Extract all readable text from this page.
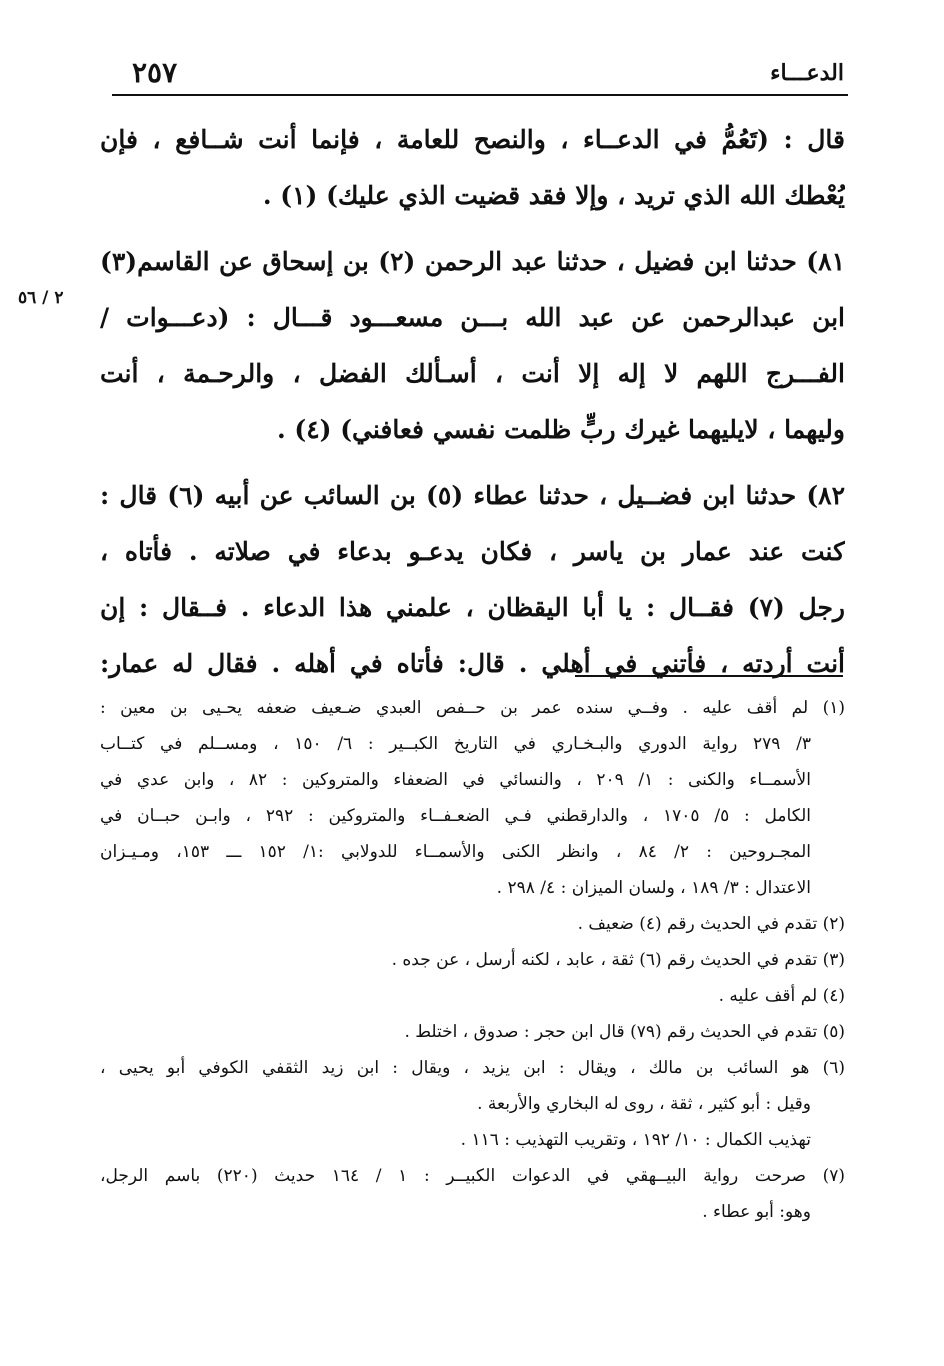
٢٥٧	الدعـــاء
٢ / ٥٦
قال : (تَعُمُّ في الدعــاء ، والنصح للعامة ، فإنما أنت شــافع ، فإن
يُعْطك الله الذي تريد ، وإلا فقد قضيت الذي عليك) (١) .
٨١) حدثنا ابن فضيل ، حدثنا عبد الرحمن (٢) بن إسحاق عن القاسم(٣)
ابن عبدالرحمن عن عبد الله بـــن مسعـــود قـــال : (دعـــوات /
الفـــرج اللهم لا إله إلا أنت ، أسـألك الفضل ، والرحـمة ، أنت
وليهما ، لايليهما غيرك ربٍّ ظلمت نفسي فعافني) (٤) .
٨٢) حدثنا ابن فضــيل ، حدثنا عطاء (٥) بن السائب عن أبيه (٦) قال :
كنت عند عمار بن ياسر ، فكان يدعـو بدعاء في صلاته . فأتاه ،
رجل (٧) فقــال : يا أبا اليقظان ، علمني هذا الدعاء . فــقال : إن
أنت أردته ، فأتني في أهلي . قال: فأتاه في أهله . فقال له عمار:
(١) لم أقف عليه . وفــي سنده عمر بن حــفص العبدي ضـعيف ضعفه يحـيى بن معين :
٣/ ٢٧٩ رواية الدوري والبـخـاري في التاريخ الكبــير : ٦/ ١٥٠ ، ومســلم في كتــاب
الأسمــاء والكنى : ١/ ٢٠٩ ، والنسائي في الضعفاء والمتروكين : ٨٢ ، وابن عدي في
الكامل : ٥/ ١٧٠٥ ، والدارقطني فـي الضعـفــاء والمتروكين : ٢٩٢ ، وابـن حبــان في
المجـروحين : ٢/ ٨٤ ، وانظر الكنى والأسمــاء للدولابي :١/ ١٥٢ ـــ ١٥٣، ومـيـزان
الاعتدال : ٣/ ١٨٩ ، ولسان الميزان : ٤/ ٢٩٨ .
(٢) تقدم في الحديث رقم (٤) ضعيف .
(٣) تقدم في الحديث رقم (٦) ثقة ، عابد ، لكنه أرسل ، عن جده .
(٤) لم أقف عليه .
(٥) تقدم في الحديث رقم (٧٩) قال ابن حجر : صدوق ، اختلط .
(٦) هو السائب بن مالك ، ويقال : ابن يزيد ، ويقال : ابن زيد الثقفي الكوفي أبو يحيى ،
وقيل : أبو كثير ، ثقة ، روى له البخاري والأربعة .
تهذيب الكمال : ١٠/ ١٩٢ ، وتقريب التهذيب : ١١٦ .
(٧) صرحت رواية البيــهقي في الدعوات الكبيــر : ١ / ١٦٤ حديث (٢٢٠) باسم الرجل،
وهو: أبو عطاء .
